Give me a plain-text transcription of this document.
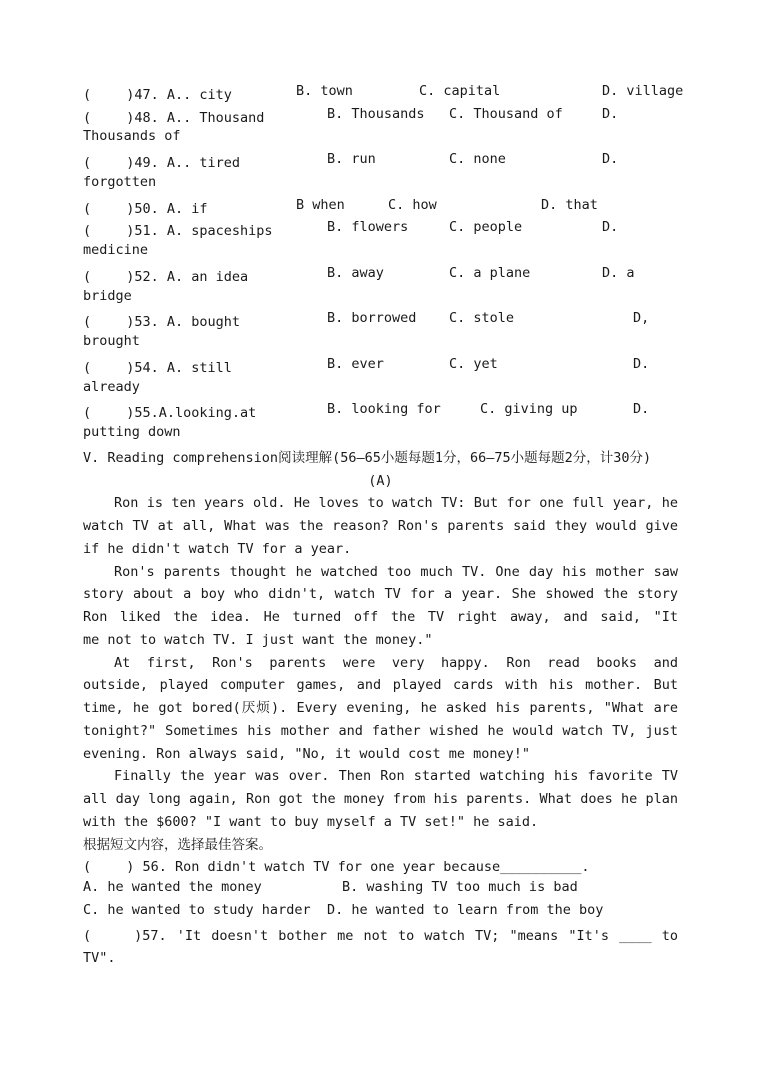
(　　 )47. A.. city	B. town	C. capital	D. village
(　　 )48. A.. Thousand	B. Thousands C. Thousand of	D.
Thousands of
(　　 )49. A.. tired	B. run	C. none	D.
forgotten
(　　 )50. A. if	B when	C. how	D. that
(　　 )51. A. spaceships	B. flowers	C. people	D.
medicine
(　　 )52. A. an idea	B. away	C. a plane	D. a
bridge
(　　 )53. A. bought	B. borrowed C. stole	D,
brought
(　　 )54. A. still	B. ever	C. yet	D.
already
(　　 )55.A.looking.at	B. looking for	C. giving up	D.
putting down
V. Reading comprehension阅读理解(56—65小题每题1分，66—75小题每题2分，计30分)
(A)
Ron is ten years old. He loves to watch TV: But for one full year, he
watch TV at all, What was the reason? Ron's parents said they would give
if he didn't watch TV for a year.
Ron's parents thought he watched too much TV. One day his mother saw
story about a boy who didn't, watch TV for a year. She showed the story
Ron liked the idea. He turned off the TV right away, and said, "It
me not to watch TV. I just want the money."
At first, Ron's parents were very happy. Ron read books and
outside, played computer games, and played cards with his mother. But
time, he got bored(厌烦). Every evening, he asked his parents, "What are
tonight?" Sometimes his mother and father wished he would watch TV, just
evening. Ron always said, "No, it would cost me money!"
Finally the year was over. Then Ron started watching his favorite TV
all day long again, Ron got the money from his parents. What does he plan
with the $600? "I want to buy myself a TV set!" he said.
根据短文内容，选择最佳答案。
(　　 ) 56. Ron didn't watch TV for one year because__________.
A. he wanted the money	B. washing TV too much is bad
C. he wanted to study harder D. he wanted to learn from the boy
(　　 )57. 'It doesn't bother me not to watch TV; "means "It's ____ to
TV".
